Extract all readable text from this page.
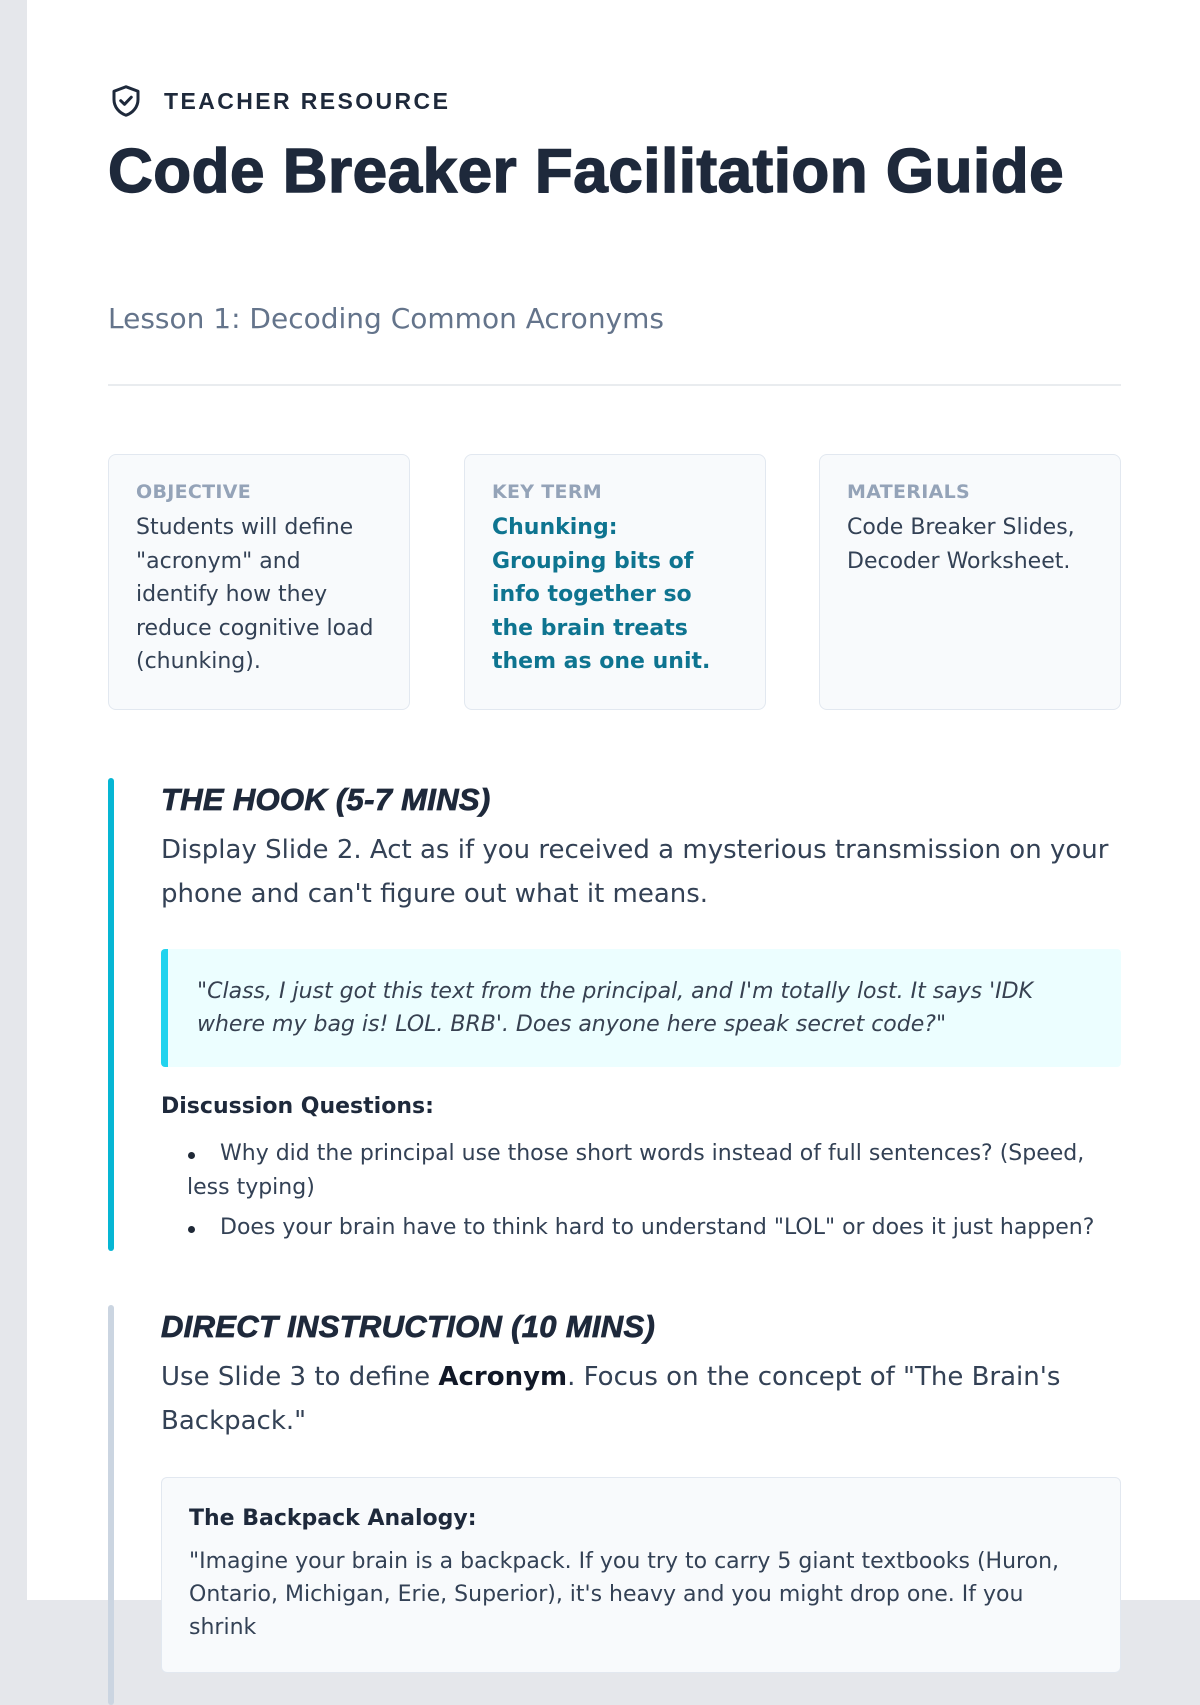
TEACHER RESOURCE
Code Breaker Facilitation Guide
Lesson 1: Decoding Common Acronyms
OBJECTIVE
Students will define "acronym" and identify how they reduce cognitive load (chunking).
KEY TERM
Chunking: Grouping bits of info together so the brain treats them as one unit.
MATERIALS
Code Breaker Slides, Decoder Worksheet.
THE HOOK (5-7 MINS)

Display Slide 2. Act as if you received a mysterious transmission on your phone and can't figure out what it means.

"Class, I just got this text from the principal, and I'm totally lost. It says 'IDK where my bag is! LOL. BRB'. Does anyone here speak secret code?"
Discussion Questions:
Why did the principal use those short words instead of full sentences? (Speed, less typing)
Does your brain have to think hard to understand "LOL" or does it just happen?
DIRECT INSTRUCTION (10 MINS)

Use Slide 3 to define Acronym. Focus on the concept of "The Brain's Backpack."

The Backpack Analogy:
"Imagine your brain is a backpack. If you try to carry 5 giant textbooks (Huron, Ontario, Michigan, Erie, Superior), it's heavy and you might drop one. If you shrink
